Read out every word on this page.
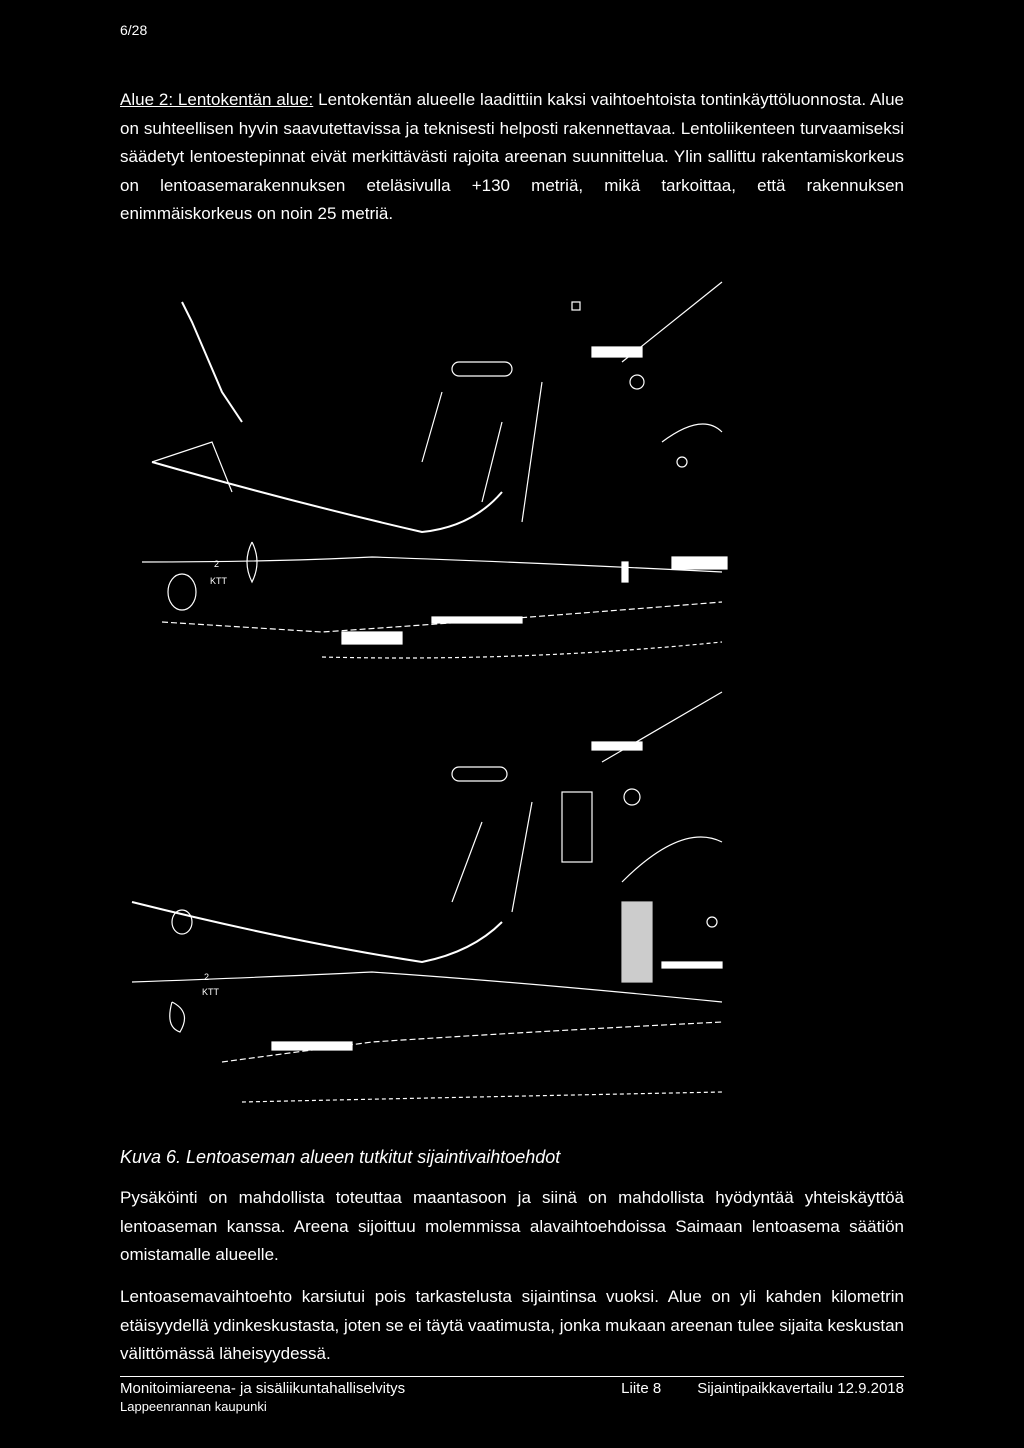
6/28

Alue 2: Lentokentän alue: Lentokentän alueelle laadittiin kaksi vaihtoehtoista tontinkäyttöluonnosta. Alue on suhteellisen hyvin saavutettavissa ja teknisesti helposti rakennettavaa. Lentoliikenteen turvaamiseksi säädetyt lentoestepinnat eivät merkittävästi rajoita areenan suunnittelua. Ylin sallittu rakentamiskorkeus on lentoasemarakennuksen eteläsivulla +130 metriä, mikä tarkoittaa, että rakennuksen enimmäiskorkeus on noin 25 metriä.

2
KTT
2
KTT
Kuva 6. Lentoaseman alueen tutkitut sijaintivaihtoehdot
Pysäköinti on mahdollista toteuttaa maantasoon ja siinä on mahdollista hyödyntää yhteiskäyttöä lentoaseman kanssa. Areena sijoittuu molemmissa alavaihtoehdoissa Saimaan lentoasema säätiön omistamalle alueelle.
Lentoasemavaihtoehto karsiutui pois tarkastelusta sijaintinsa vuoksi. Alue on yli kahden kilometrin etäisyydellä ydinkeskustasta, joten se ei täytä vaatimusta, jonka mukaan areenan tulee sijaita keskustan välittömässä läheisyydessä.
Monitoimiareena- ja sisäliikuntahalliselvitys	Liite 8 Sijaintipaikkavertailu 12.9.2018
Lappeenrannan kaupunki
